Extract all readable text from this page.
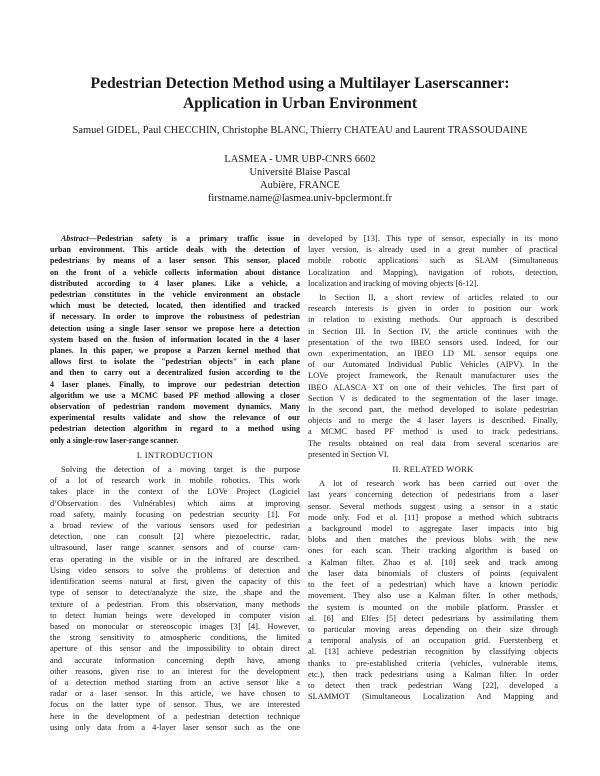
Pedestrian Detection Method using a Multilayer Laserscanner:
Application in Urban Environment
Samuel GIDEL, Paul CHECCHIN, Christophe BLANC, Thierry CHATEAU and Laurent TRASSOUDAINE
LASMEA - UMR UBP-CNRS 6602
Université Blaise Pascal
Aubière, FRANCE
firstname.name@lasmea.univ-bpclermont.fr
Abstract—Pedestrian safety is a primary traffic issue in
urban environment. This article deals with the detection of
pedestrians by means of a laser sensor. This sensor, placed
on the front of a vehicle collects information about distance
distributed according to 4 laser planes. Like a vehicle, a
pedestrian constitutes in the vehicle environment an obstacle
which must be detected, located, then identified and tracked
if necessary. In order to improve the robustness of pedestrian
detection using a single laser sensor we propose here a detection
system based on the fusion of information located in the 4 laser
planes. In this paper, we propose a Parzen kernel method that
allows first to isolate the "pedestrian objects" in each plane
and then to carry out a decentralized fusion according to the
4 laser planes. Finally, to improve our pedestrian detection
algorithm we use a MCMC based PF method allowing a closer
observation of pedestrian random movement dynamics. Many
experimental results validate and show the relevance of our
pedestrian detection algorithm in regard to a method using
only a single-row laser-range scanner.
I. INTRODUCTION
Solving the detection of a moving target is the purpose
of a lot of research work in mobile robotics. This work
takes place in the context of the LOVe Project (Logiciel
d’Observation des Vulnérables) which aims at improving
road safety, mainly focusing on pedestrian security [1]. For
a broad review of the various sensors used for pedestrian
detection, one can consult [2] where piezoelectric, radar,
ultrasound, laser range scanner sensors and of course cam-
eras operating in the visible or in the infrared are described.
Using video sensors to solve the problems of detection and
identification seems natural at first, given the capacity of this
type of sensor to detect/analyze the size, the shape and the
texture of a pedestrian. From this observation, many methods
to detect human beings were developed in computer vision
based on monocular or stereoscopic images [3] [4]. However,
the strong sensitivity to atmospheric conditions, the limited
aperture of this sensor and the impossibility to obtain direct
and accurate information concerning depth have, among
other reasons, given rise to an interest for the development
of a detection method starting from an active sensor like a
radar or a laser sensor. In this article, we have chosen to
focus on the latter type of sensor. Thus, we are interested
here in the development of a pedestrian detection technique
using only data from a 4-layer laser sensor such as the one
developed by [13]. This type of sensor, especially in its mono
layer version, is already used in a great number of practical
mobile robotic applications such as SLAM (Simultaneous
Localization and Mapping), navigation of robots, detection,
localization and tracking of moving objects [6-12].
In Section II, a short review of articles related to our
research interests is given in order to position our work
in relation to existing methods. Our approach is described
in Section III. In Section IV, the article continues with the
presentation of the two IBEO sensors used. Indeed, for our
own experimentation, an IBEO LD ML sensor equips one
of our Automated Individual Public Vehicles (AIPV). In the
LOVe project framework, the Renault manufacturer uses the
IBEO ALASCA XT on one of their vehicles. The first part of
Section V is dedicated to the segmentation of the laser image.
In the second part, the method developed to isolate pedestrian
objects and to merge the 4 laser layers is described. Finally,
a MCMC based PF method is used to track pedestrians.
The results obtained on real data from several scenarios are
presented in Section VI.
II. RELATED WORK
A lot of research work has been carried out over the
last years concerning detection of pedestrians from a laser
sensor. Several methods suggest using a sensor in a static
mode only. Fod et al. [11] propose a method which subtracts
a background model to aggregate laser impacts into big
blobs and then matches the previous blobs with the new
ones for each scan. Their tracking algorithm is based on
a Kalman filter. Zhao et al. [10] seek and track among
the laser data binomials of clusters of points (equivalent
to the feet of a pedestrian) which have a known periodic
movement. They also use a Kalman filter. In other methods,
the system is mounted on the mobile platform. Prassler et
al. [6] and Elfes [5] detect pedestrians by assimilating them
to particular moving areas depending on their size through
a temporal analysis of an occupation grid. Fuerstenberg et
al. [13] achieve pedestrian recognition by classifying objects
thanks to pre-established criteria (vehicles, vulnerable items,
etc.), then track pedestrians using a Kalman filter. In order
to detect then track pedestrian Wang [22], developed a
SLAMMOT (Simultaneous Localization And Mapping and
